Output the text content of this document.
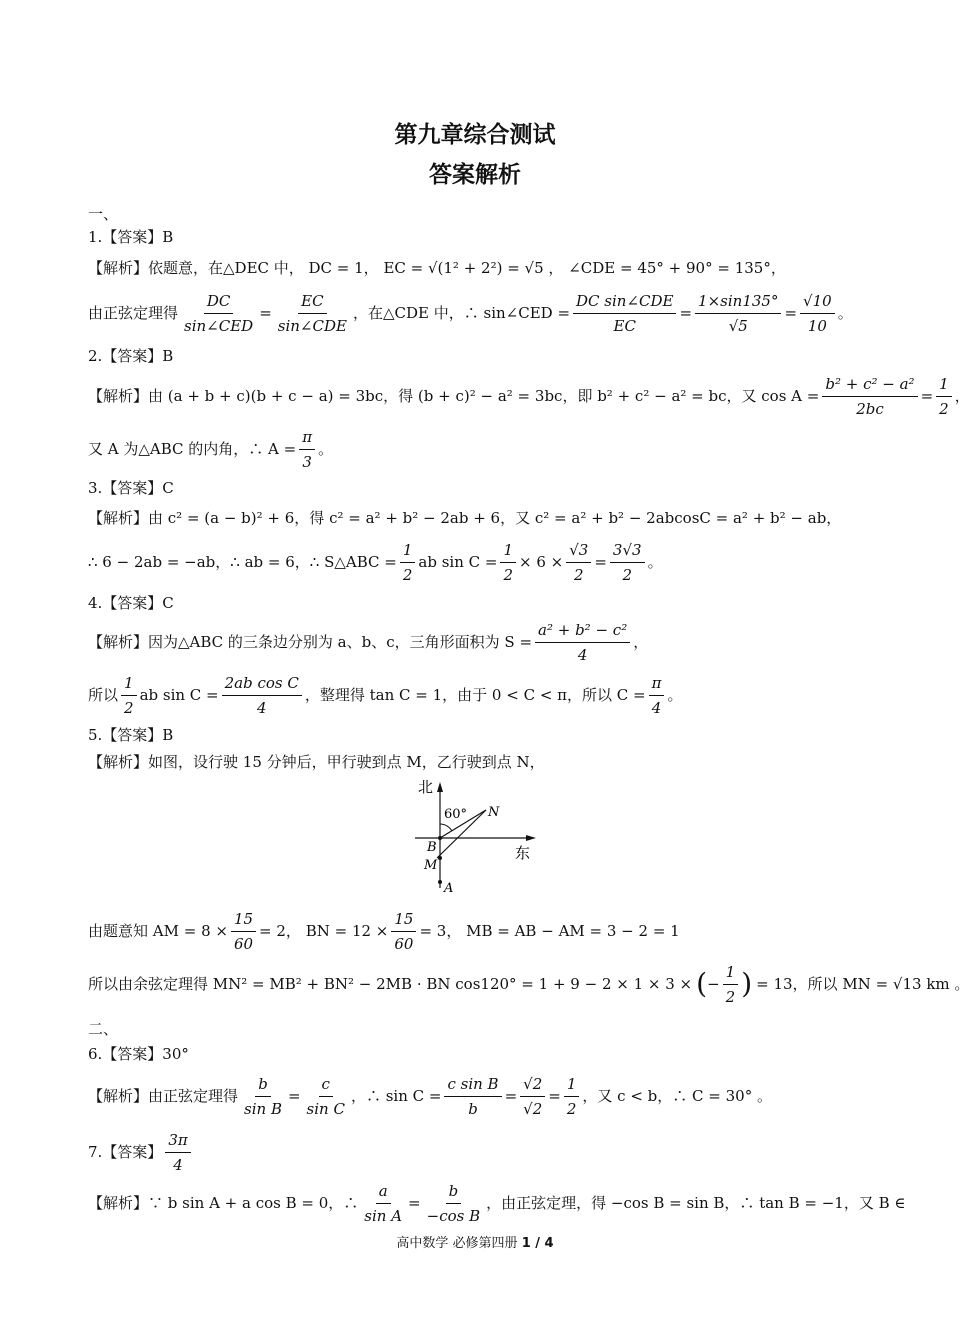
第九章综合测试
答案解析
一、
1.【答案】B
【解析】依题意，在△DEC 中， DC = 1， EC = √(1² + 2²) = √5 ， ∠CDE = 45° + 90° = 135°，
由正弦定理得 $\frac{DC}{\text{sin∠CED}} = \frac{EC}{\text{sin∠CDE}}$ ，在△CDE 中，∴ sin∠CED = $\frac{\text{DC sin∠CDE}}{EC} = \frac{1\times\sin 135^\circ}{√5} = \frac{√10}{10}$ 。
2.【答案】B
【解析】由 (a + b + c)(b + c − a) = 3bc，得 (b + c)² − a² = 3bc，即 b² + c² − a² = bc，又 $\cos A = \frac{\text{b² + c² − a²}}{2bc} = \frac{1}{2}$ ，
又 A 为△ABC 的内角，∴ $A = \frac{\pi}{3}$ 。
3.【答案】C
【解析】由 c² = (a − b)² + 6，得 c² = a² + b² − 2ab + 6，又 c² = a² + b² − 2abcosC = a² + b² − ab，
∴ 6 − 2ab = −ab，∴ ab = 6，∴ S△ABC = $\frac{1}{2}$ ab $\sin C = \frac{1}{2} \times 6 \times \frac{√3}{2} = \frac{3√3}{2}$ 。
4.【答案】C
【解析】因为△ABC 的三条边分别为 a、b、c，三角形面积为 $S = \frac{\text{a² + b² − c²}}{4}$ ，
所以 $\frac{1}{2}$ ab $\sin C = \frac{\text{2ab cos C}}{4}$ ，整理得 tan C = 1，由于 0 < C < π，所以 $C = \frac{\pi}{4}$ 。
5.【答案】B
【解析】如图，设行驶 15 分钟后，甲行驶到点 M，乙行驶到点 N，
北
东
60° N
B
M
A
由题意知 AM = $8 \times \frac{15}{60} = 2$， BN = $12 \times \frac{15}{60} = 3$， MB = AB − AM = 3 − 2 = 1
所以由余弦定理得 MN² = MB² + BN² − 2MB · BN cos120° = 1 + 9 − 2 × 1 × 3 × ( − $\frac{1}{2}$ ) = 13，所以 MN = √13 km 。
二、
6.【答案】30°
【解析】由正弦定理得 $\frac{b}{\text{sin B}} = \frac{c}{\text{sin C}}$ ，∴ $\sin C = \frac{\text{c sin B}}{b} = \frac{√2}{√2} = \frac{1}{2}$ ，又 c < b，∴ C = 30° 。
7.【答案】 $\frac{3\pi}{4}$
【解析】∵ b sin A + a cos B = 0，∴ $\frac{a}{\text{sin A}} = \frac{b}{\text{−cos B}}$ ，由正弦定理，得 −cos B = sin B，∴ tan B = −1，又 B ∈
高中数学 必修第四册 1 / 4
